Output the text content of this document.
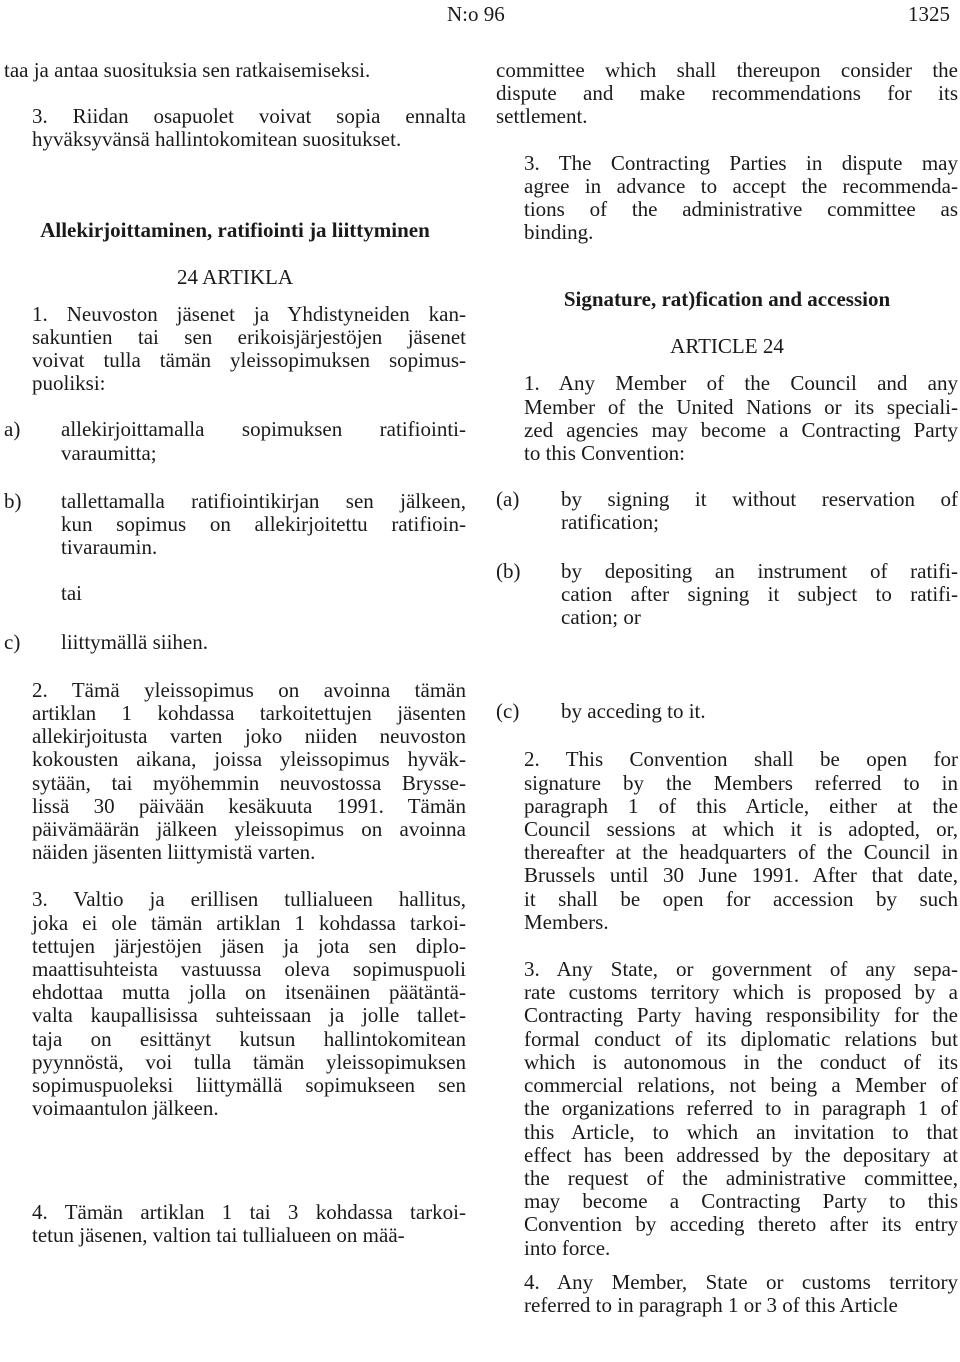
N:o 96	1325
taa ja antaa suosituksia sen ratkaisemiseksi.
3. Riidan osapuolet voivat sopia ennalta
hyväksyvänsä hallintokomitean suositukset.
Allekirjoittaminen, ratifiointi ja liittyminen
24 ARTIKLA
1. Neuvoston jäsenet ja Yhdistyneiden kan-
sakuntien tai sen erikoisjärjestöjen jäsenet
voivat tulla tämän yleissopimuksen sopimus-
puoliksi:
a) allekirjoittamalla sopimuksen ratifiointi-
varaumitta;
b) tallettamalla ratifiointikirjan sen jälkeen,
kun sopimus on allekirjoitettu ratifioin-
tivaraumin.
tai
c) liittymällä siihen.
2. Tämä yleissopimus on avoinna tämän
artiklan 1 kohdassa tarkoitettujen jäsenten
allekirjoitusta varten joko niiden neuvoston
kokousten aikana, joissa yleissopimus hyväk-
sytään, tai myöhemmin neuvostossa Brysse-
lissä 30 päivään kesäkuuta 1991. Tämän
päivämäärän jälkeen yleissopimus on avoinna
näiden jäsenten liittymistä varten.
3. Valtio ja erillisen tullialueen hallitus,
joka ei ole tämän artiklan 1 kohdassa tarkoi-
tettujen järjestöjen jäsen ja jota sen diplo-
maattisuhteista vastuussa oleva sopimuspuoli
ehdottaa mutta jolla on itsenäinen päätäntä-
valta kaupallisissa suhteissaan ja jolle tallet-
taja on esittänyt kutsun hallintokomitean
pyynnöstä, voi tulla tämän yleissopimuksen
sopimuspuoleksi liittymällä sopimukseen sen
voimaantulon jälkeen.
4. Tämän artiklan 1 tai 3 kohdassa tarkoi-
tetun jäsenen, valtion tai tullialueen on mää-
committee which shall thereupon consider the
dispute and make recommendations for its
settlement.
3. The Contracting Parties in dispute may
agree in advance to accept the recommenda-
tions of the administrative committee as
binding.
Signature, rat)fication and accession
ARTICLE 24
1. Any Member of the Council and any
Member of the United Nations or its speciali-
zed agencies may become a Contracting Party
to this Convention:
(a) by signing it without reservation of
ratification;
(b) by depositing an instrument of ratifi-
cation after signing it subject to ratifi-
cation; or
(c) by acceding to it.
2. This Convention shall be open for
signature by the Members referred to in
paragraph 1 of this Article, either at the
Council sessions at which it is adopted, or,
thereafter at the headquarters of the Council in
Brussels until 30 June 1991. After that date,
it shall be open for accession by such
Members.
3. Any State, or government of any sepa-
rate customs territory which is proposed by a
Contracting Party having responsibility for the
formal conduct of its diplomatic relations but
which is autonomous in the conduct of its
commercial relations, not being a Member of
the organizations referred to in paragraph 1 of
this Article, to which an invitation to that
effect has been addressed by the depositary at
the request of the administrative committee,
may become a Contracting Party to this
Convention by acceding thereto after its entry
into force.
4. Any Member, State or customs territory
referred to in paragraph 1 or 3 of this Article
